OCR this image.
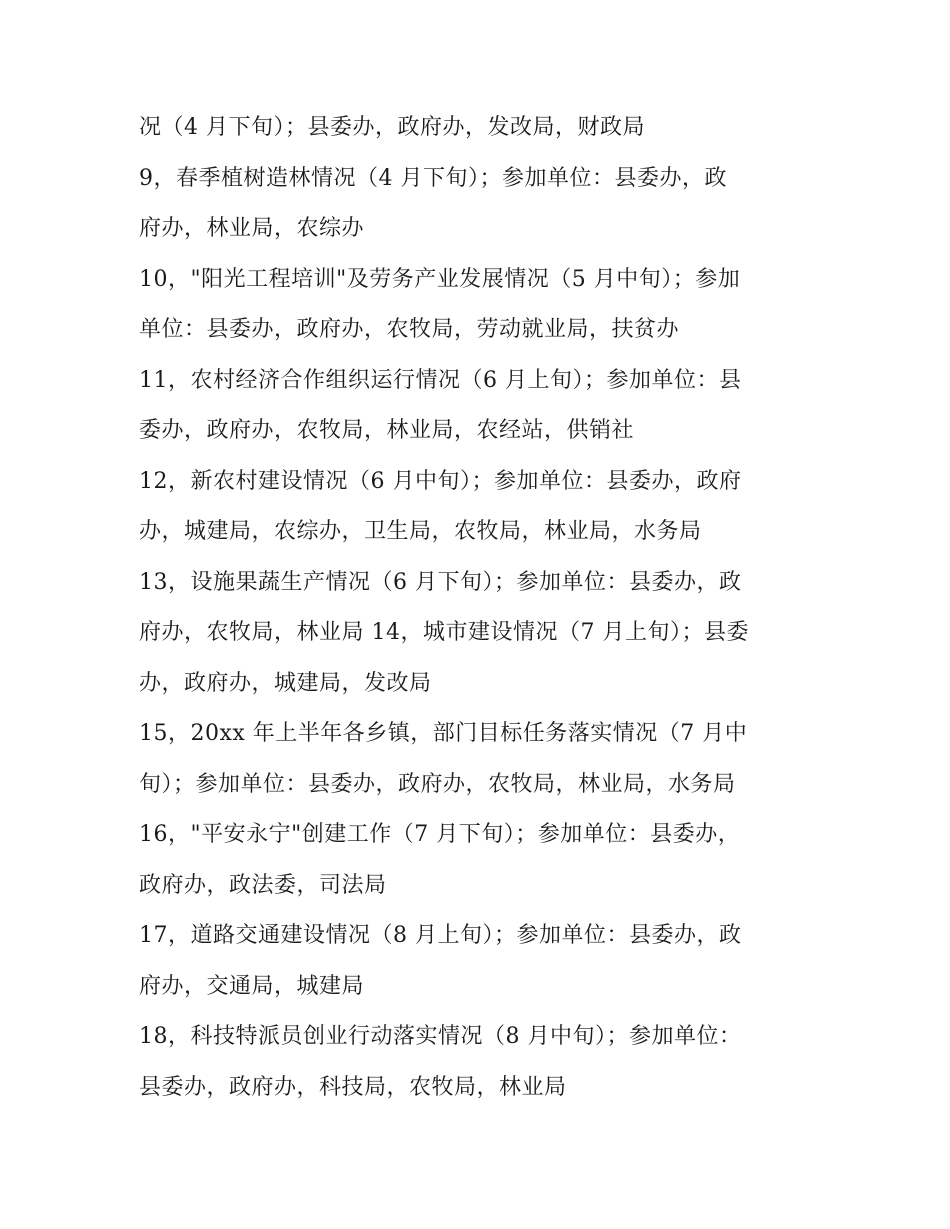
况（4 月下旬）；县委办，政府办，发改局，财政局
9，春季植树造林情况（4 月下旬）；参加单位：县委办，政
府办，林业局，农综办
10，"阳光工程培训"及劳务产业发展情况（5 月中旬）；参加
单位：县委办，政府办，农牧局，劳动就业局，扶贫办
11，农村经济合作组织运行情况（6 月上旬）；参加单位：县
委办，政府办，农牧局，林业局，农经站，供销社
12，新农村建设情况（6 月中旬）；参加单位：县委办，政府
办，城建局，农综办，卫生局，农牧局，林业局，水务局
13，设施果蔬生产情况（6 月下旬）；参加单位：县委办，政
府办，农牧局，林业局 14，城市建设情况（7 月上旬）；县委
办，政府办，城建局，发改局
15，20xx 年上半年各乡镇，部门目标任务落实情况（7 月中
旬）；参加单位：县委办，政府办，农牧局，林业局，水务局
16，"平安永宁"创建工作（7 月下旬）；参加单位：县委办，
政府办，政法委，司法局
17，道路交通建设情况（8 月上旬）；参加单位：县委办，政
府办，交通局，城建局
18，科技特派员创业行动落实情况（8 月中旬）；参加单位：
县委办，政府办，科技局，农牧局，林业局
